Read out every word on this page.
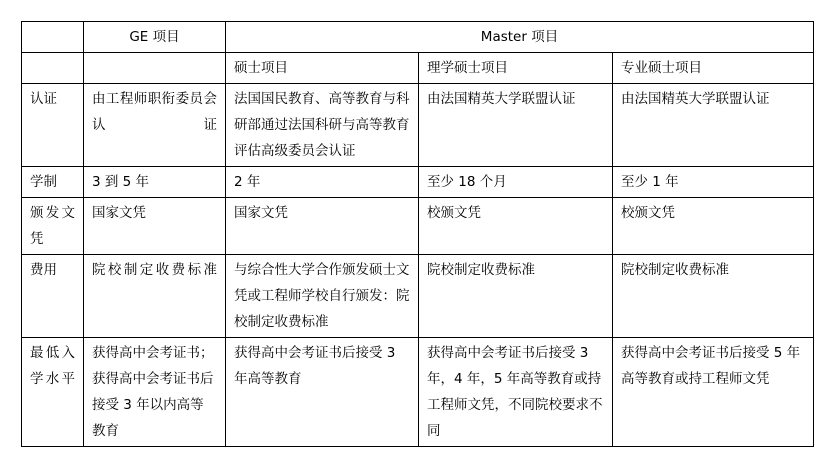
	GE 项目	Master 项目		
		硕士项目	理学硕士项目	专业硕士项目
认证	由工程师职衔委员会认证	法国国民教育、高等教育与科研部通过法国科研与高等教育评估高级委员会认证	由法国精英大学联盟认证	由法国精英大学联盟认证
学制	3 到 5 年	2 年	至少 18 个月	至少 1 年
颁发文凭	国家文凭	国家文凭	校颁文凭	校颁文凭
费用	院校制定收费标准	与综合性大学合作颁发硕士文凭或工程师学校自行颁发：院校制定收费标准	院校制定收费标准	院校制定收费标准
最低入学水平	获得高中会考证书；获得高中会考证书后接受 3 年以内高等教育	获得高中会考证书后接受 3 年高等教育	获得高中会考证书后接受 3 年，4 年，5 年高等教育或持工程师文凭，不同院校要求不同	获得高中会考证书后接受 5 年高等教育或持工程师文凭
